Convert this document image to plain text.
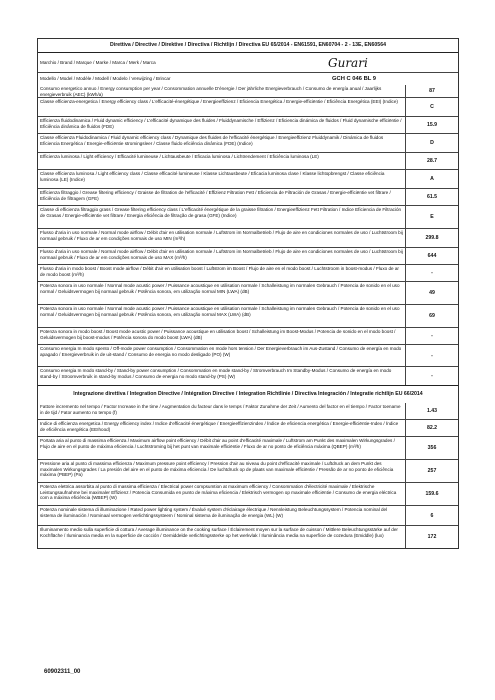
Direttiva / Directive / Direktive / Directiva / Richtlijn / Directiva EU 65/2014 - EN61591, EN60704 - 2 - 13E, EN60564
Marchio / Brand / Marque / Marke / Marca / Merk / Marca	Gurari
Modello / Model / Modèle / Modell / Modelo / Verwijzing / Brincar	GCH C 046 BL 9
Consumo energetico annuo / Energy consumption per year / Consommation annuelle D'énergie / Der jährliche Energieverbrauch / Consumo de energía anual / Jaarlijks energieverbruik (AEC) (kWh/a)
87
Classe efficienza-energetica / Energy efficiency class / L'efficacité-énergétique / Energieeffizienz / Eficiencia Energética / Energie-efficiëntie / Eficiência Energética (EEI) (Indice)
C
Efficienza fluidodinamica / Fluid dynamic efficiency / L'efficacité dynamique des fluides / Fluiddynamische / Effizienz / Eficiencia dinámica de fluidos / Fluid dynamische efficiëntie / Eficiência dinâmica de fluidos (FDE)	15.9
Classe efficienza Fluidodinamica / Fluid dynamic efficiency class / Dynamique des fluides de l'efficacité énergétique / Energieeffizienz Fluiddynamik / Dinámica de fluidos Eficiencia Energética / Energie-efficiëntie stromingsleer / Classe fluido eficiência dinâmica (FDE) (Indice)	D
Efficienza luminosa / Light efficiency / Efficacité lumineuse / Lichtausbeute / Eficacia luminosa / Lichtrendement / Eficiência luminosa (LE)
28.7
Classe efficienza luminosa / Light efficiency class / Classe efficacité lumineuse / Klasse Lichtausbeute / Eficacia luminosa clase / Klasse lichtopbrengst / Classe eficiência luminosa (LE) (Indice)	A
Efficienza filtraggio / Grease filtering efficiency / Graisse de filtration de l'efficacité / Effizienz Filtration Fett / Eficiencia de Filtración de Grasas / Energie-efficiëntie vet filtrare / Eficiência de filtragem (GFE)	61.5
Classe di efficienza filtraggio grass / Grease filtering efficiency class / L'efficacité énergétique de la graisse filtration / Energieeffizienz Fett Filtration / Indice Eficiencia de Filtración de Grasas / Energie-efficiëntie vet filtrare / Energia eficiência de filtração de grasa (GFE) (Indice)	E
Flusso d'aria in uso normale / Normal mode airflow / Débit d'air en utilisation normale / Luftstrom im Normalbetrieb / Flujo de aire en condiciones normales de uso / Luchtstroom bij normaal gebruik / Fluxo de ar em condições normais de uso MIN (m³/h)	299.8
Flusso d'aria in uso normale / Normal mode airflow / Débit d'air en utilisation normale / Luftstrom im Normalbetrieb / Flujo de aire en condiciones normales de uso / Luchtstroom bij normaal gebruik / Fluxo de ar em condições normais de uso MAX (m³/h)	644
Flusso d'aria in modo boost / Boost mode airflow / Débit d'air en utilisation boost / Luftstrom im Boost / Flujo de aire en el modo boost / Luchtstroom in boost-modus / Fluxo de ar de modo boost (m³/h)	-
Potenza sonora in uso normale / Normal mode acustic power / Puissance acoustique en utilisation normale / Schalleistung im normalen Gebrauch / Potencia de sonido en el uso normal / Geluidsvermogen bij normaal gebruik / Potência sonora, em utilização normal MIN (LWA) (dB)	49
Potenza sonora in uso normale / Normal mode acustic power / Puissance acoustique en utilisation normale / Schalleistung im normalen Gebrauch / Potencia de sonido en el uso normal / Geluidsvermogen bij normaal gebruik / Potência sonora, em utilização normal MAX (LWA) (dB)	69
Potenza sonora in modo boost / Boost mode acustic power / Puissance acoustique en utilisation boost / Schalleistung im Boost-Modus / Potencia de sonido en el modo boost / Geluidsvermogen bij boost-modus / Potência sonora do modo boost (LWA) (dB)	-
Consumo energia In modo spento / Off-mode power consumption / Consommation en mode hors tension / Der Energieverbrauch im Aus-Zustand / Consumo de energía en modo apagado / Energieverbruik in de uit-stand / Consumo de energia no modo desligado (PO) (W)	-
Consumo energia In modo stand-by / Stand-by power consumption / Consommation en mode stand-by / Stromverbrauch Im Standby-Modus / Consumo de energía en modo stand-by / Stroomverbruik in stand-by modus / Consumo de energia no modo stand-by (PS) (W)	-
Integrazione direttiva / Integration Directive / Intégration Directive / Integration Richtlinie / Directiva Integración / Integratie richtlijn EU 66/2014
Fattore incremento nel tempo / Factor Increase in the time / Augmentation du facteur dans le temps / Faktor Zunahme der Zeit / Aumento del factor en el tiempo / Factor toename in de tijd / Fator aumento no tempo (f)	1.43
Indice di efficienza energetica / Energy efficiency index / Indice d'efficacité énergétique / Energieeffizienzindex / Índice de eficiencia energética / Energie-efficiëntie-Index / Índice de eficiência energética (EEIhood)	82.2
Portata aria al punto di massima efficienza / Maximum airflow point efficiency / Débit d'air au point d'efficacité maximale / Luftstrom am Punkt des maximalen Wirkungsgrades / Flujo de aire en el punto de máxima eficiencia / Luchtstroming bij het punt van maximale efficiëntie / Fluxo de ar no ponto de eficiência máxima (QBEP) (m³/h)	356
Pressione aria al punto di massima efficienza / Maximum pressure point efficiency / Pression d'air au niveau du point d'efficacité maximale / Luftdruck an dem Punkt des maximalen Wirkungsgrades / La presión del aire en el punto de máxima eficiencia / De luchtdruck op de plaats van maximale efficiëntie / Pressão de ar no ponto de eficiência máxima (PBEP) (Pa)
257
Potenza elettrica assorbita al punto di massima efficienza / Electrical power compsumtion at maximum efficiency / Consommation d'électricité maximale / Elektrische Leistungsaufnahme bei maximaler Effizienz / Potencia Consumida en punto de máxima eficiencia / Elektrisch vermogen op maximale efficiëntie / Consumo de energia eléctrica com a máxima eficiência (WBEP) (W)
159.6
Potenza nominale sistema di illuminazione / Rated power lighting system / Évalué system d'éclairage électrique / Nennleistung Beleuchtungssystem / Potencia nominal del sistema de iluminación / Nominaal vermogen verlichtingssysteem / Nominal sistema de iluminação de energia (WL) (W)	6
Illuminamento medio sulla superficie di cottura / Average illuminance on the cooking surface / Éclairement moyen sur la surface de cuisson / Mittlere Beleuchtungsstärke auf der Kochfläche / Iluminancia media en la superficie de cocción / Gemiddelde verlichtingssterke op het werkvlak / Iluminância media na superfície de cozedura (Emiddle) (lux)	172
60902311_00
